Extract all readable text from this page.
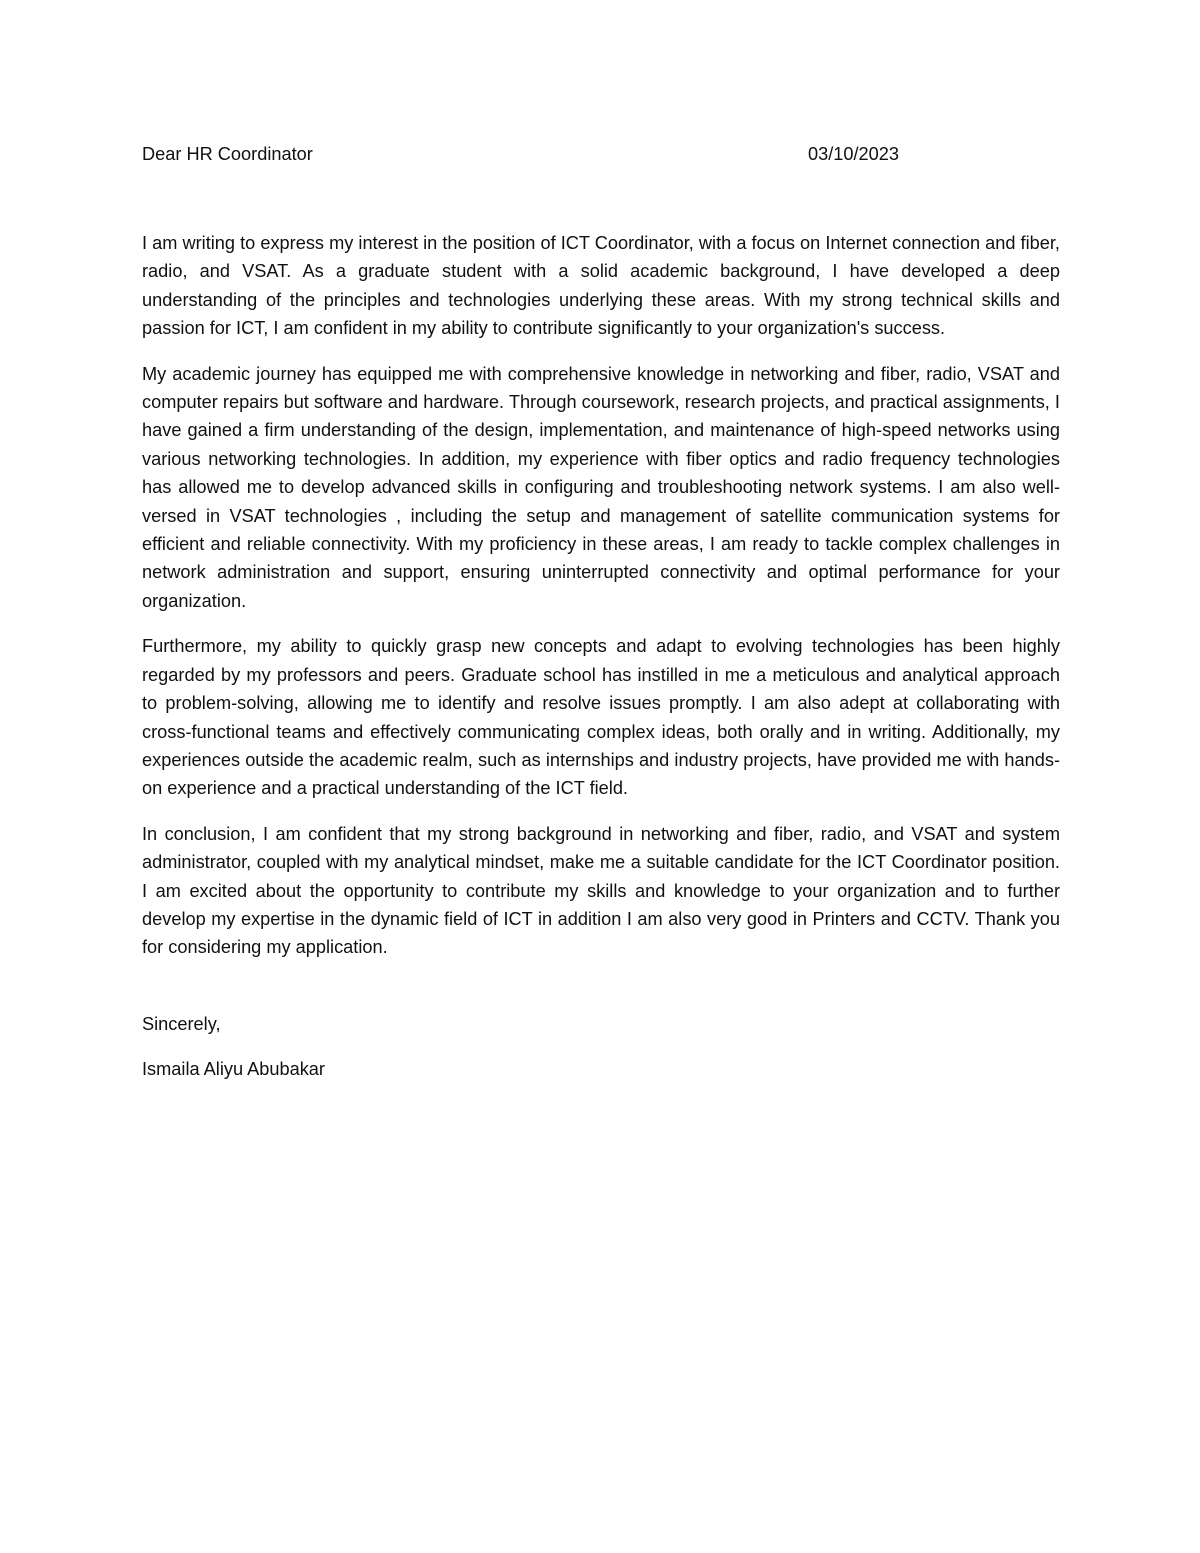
Dear HR Coordinator	03/10/2023

I am writing to express my interest in the position of ICT Coordinator, with a focus on Internet connection and fiber, radio, and VSAT. As a graduate student with a solid academic background, I have developed a deep understanding of the principles and technologies underlying these areas. With my strong technical skills and passion for ICT, I am confident in my ability to contribute significantly to your organization's success.

My academic journey has equipped me with comprehensive knowledge in networking and fiber, radio, VSAT and computer repairs but software and hardware. Through coursework, research projects, and practical assignments, I have gained a firm understanding of the design, implementation, and maintenance of high-speed networks using various networking technologies. In addition, my experience with fiber optics and radio frequency technologies has allowed me to develop advanced skills in configuring and troubleshooting network systems. I am also well-versed in VSAT technologies , including the setup and management of satellite communication systems for efficient and reliable connectivity. With my proficiency in these areas, I am ready to tackle complex challenges in network administration and support, ensuring uninterrupted connectivity and optimal performance for your organization.

Furthermore, my ability to quickly grasp new concepts and adapt to evolving technologies has been highly regarded by my professors and peers. Graduate school has instilled in me a meticulous and analytical approach to problem-solving, allowing me to identify and resolve issues promptly. I am also adept at collaborating with cross-functional teams and effectively communicating complex ideas, both orally and in writing. Additionally, my experiences outside the academic realm, such as internships and industry projects, have provided me with hands-on experience and a practical understanding of the ICT field.

In conclusion, I am confident that my strong background in networking and fiber, radio, and VSAT and system administrator, coupled with my analytical mindset, make me a suitable candidate for the ICT Coordinator position. I am excited about the opportunity to contribute my skills and knowledge to your organization and to further develop my expertise in the dynamic field of ICT in addition I am also very good in Printers and CCTV. Thank you for considering my application.

Sincerely,

Ismaila Aliyu Abubakar
